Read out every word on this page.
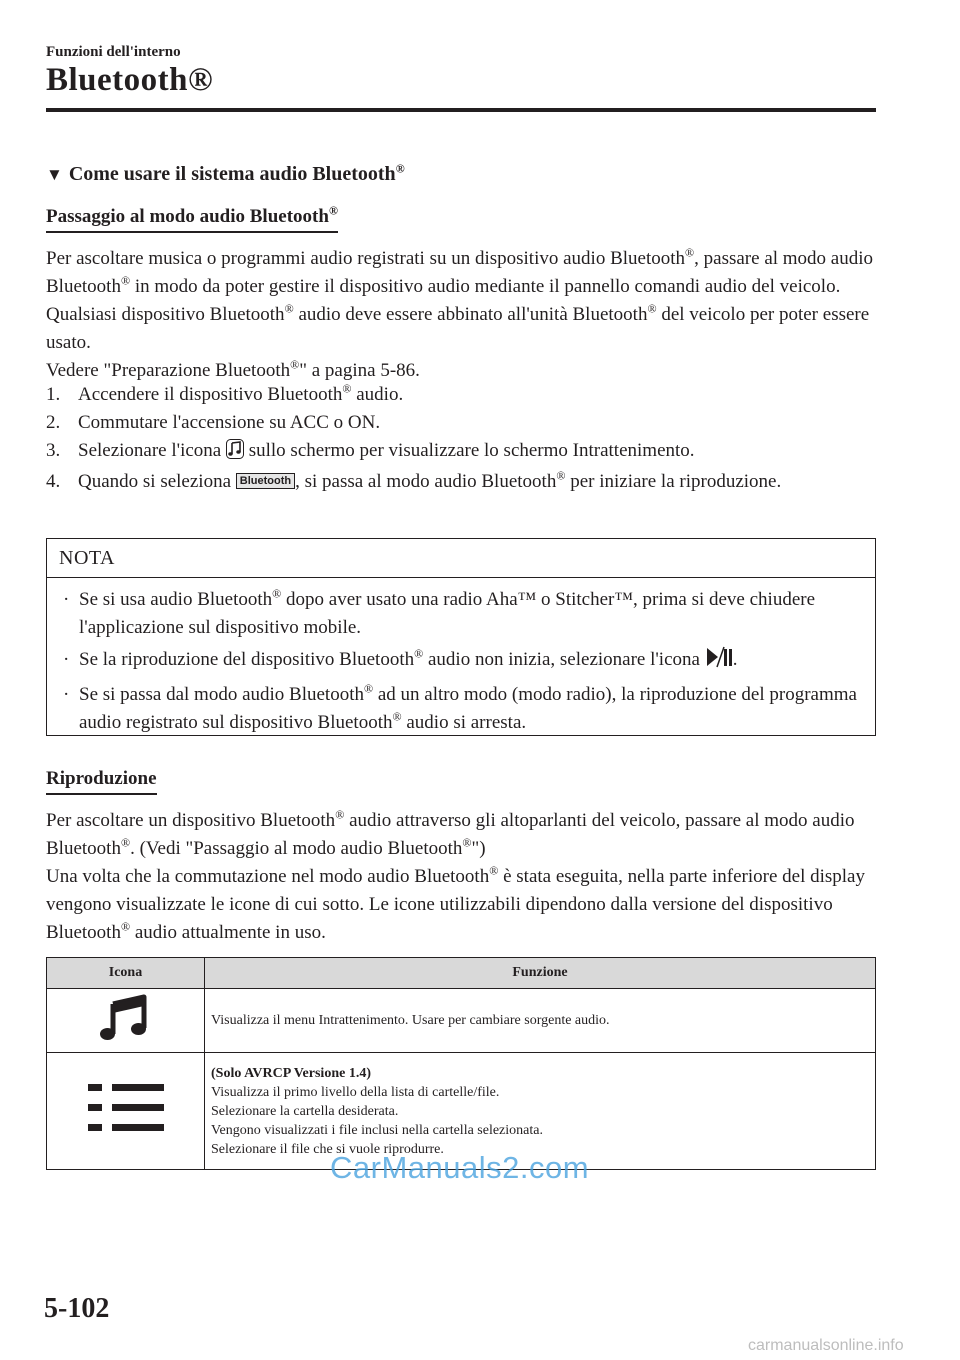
Funzioni dell'interno
Bluetooth®
▼ Come usare il sistema audio Bluetooth®
Passaggio al modo audio Bluetooth®
Per ascoltare musica o programmi audio registrati su un dispositivo audio Bluetooth®, passare al modo audio Bluetooth® in modo da poter gestire il dispositivo audio mediante il pannello comandi audio del veicolo. Qualsiasi dispositivo Bluetooth® audio deve essere abbinato all'unità Bluetooth® del veicolo per poter essere usato.
Vedere "Preparazione Bluetooth®" a pagina 5-86.
1. Accendere il dispositivo Bluetooth® audio.
2. Commutare l'accensione su ACC o ON.
3. Selezionare l'icona  sullo schermo per visualizzare lo schermo Intrattenimento.
4. Quando si seleziona Bluetooth , si passa al modo audio Bluetooth® per iniziare la riproduzione.
NOTA
· Se si usa audio Bluetooth® dopo aver usato una radio Aha™ o Stitcher™, prima si deve chiudere l'applicazione sul dispositivo mobile.
· Se la riproduzione del dispositivo Bluetooth® audio non inizia, selezionare l'icona .
· Se si passa dal modo audio Bluetooth® ad un altro modo (modo radio), la riproduzione del programma audio registrato sul dispositivo Bluetooth® audio si arresta.
Riproduzione
Per ascoltare un dispositivo Bluetooth® audio attraverso gli altoparlanti del veicolo, passare al modo audio Bluetooth®. (Vedi "Passaggio al modo audio Bluetooth®")
Una volta che la commutazione nel modo audio Bluetooth® è stata eseguita, nella parte inferiore del display vengono visualizzate le icone di cui sotto. Le icone utilizzabili dipendono dalla versione del dispositivo Bluetooth® audio attualmente in uso.
Icona	Funzione
	Visualizza il menu Intrattenimento. Usare per cambiare sorgente audio.

(Solo AVRCP Versione 1.4)
Visualizza il primo livello della lista di cartelle/file.
Selezionare la cartella desiderata.
Vengono visualizzati i file inclusi nella cartella selezionata.
Selezionare il file che si vuole riprodurre.
CarManuals2.com
5-102
carmanualsonline.info
